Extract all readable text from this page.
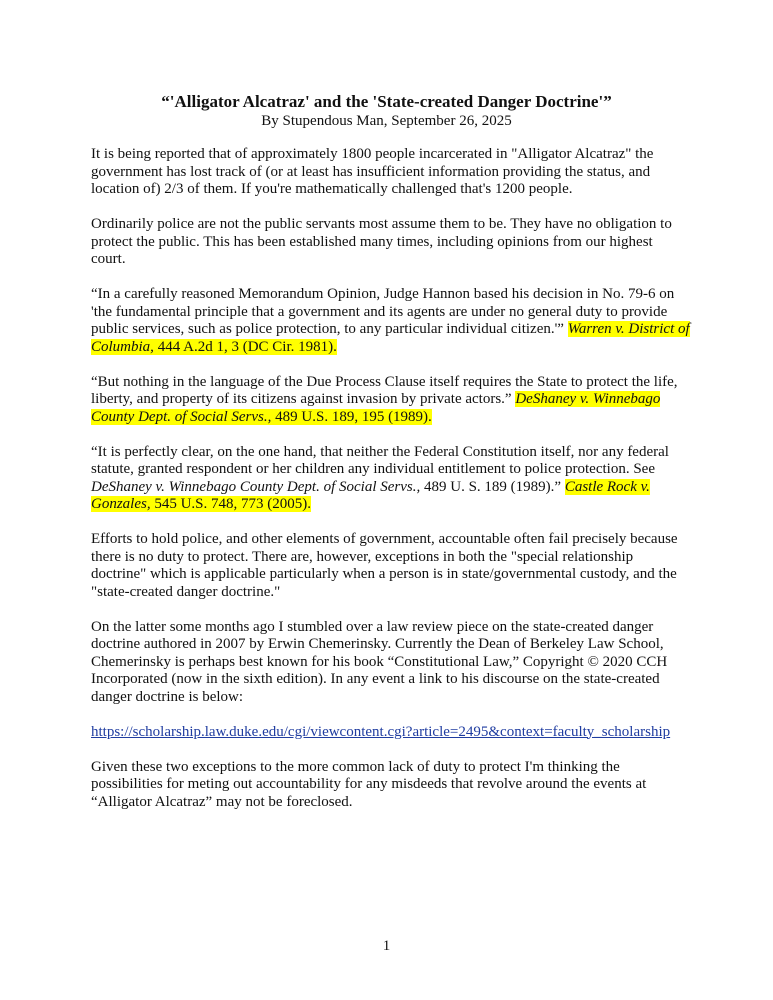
“'Alligator Alcatraz' and the 'State-created Danger Doctrine'”

By Stupendous Man, September 26, 2025

It is being reported that of approximately 1800 people incarcerated in "Alligator Alcatraz" the government has lost track of (or at least has insufficient information providing the status, and location of) 2/3 of them. If you're mathematically challenged that's 1200 people.

Ordinarily police are not the public servants most assume them to be. They have no obligation to protect the public. This has been established many times, including opinions from our highest court.

“In a carefully reasoned Memorandum Opinion, Judge Hannon based his decision in No. 79-6 on 'the fundamental principle that a government and its agents are under no general duty to provide public services, such as police protection, to any particular individual citizen.'” Warren v. District of Columbia, 444 A.2d 1, 3 (DC Cir. 1981).

“But nothing in the language of the Due Process Clause itself requires the State to protect the life, liberty, and property of its citizens against invasion by private actors.” DeShaney v. Winnebago County Dept. of Social Servs., 489 U.S. 189, 195 (1989).

“It is perfectly clear, on the one hand, that neither the Federal Constitution itself, nor any federal statute, granted respondent or her children any individual entitlement to police protection. See DeShaney v. Winnebago County Dept. of Social Servs., 489 U. S. 189 (1989).” Castle Rock v. Gonzales, 545 U.S. 748, 773 (2005).

Efforts to hold police, and other elements of government, accountable often fail precisely because there is no duty to protect. There are, however, exceptions in both the "special relationship doctrine" which is applicable particularly when a person is in state/governmental custody, and the "state-created danger doctrine."

On the latter some months ago I stumbled over a law review piece on the state-created danger doctrine authored in 2007 by Erwin Chemerinsky. Currently the Dean of Berkeley Law School, Chemerinsky is perhaps best known for his book “Constitutional Law,” Copyright © 2020 CCH Incorporated (now in the sixth edition). In any event a link to his discourse on the state-created danger doctrine is below:

https://scholarship.law.duke.edu/cgi/viewcontent.cgi?article=2495&context=faculty_scholarship

Given these two exceptions to the more common lack of duty to protect I'm thinking the possibilities for meting out accountability for any misdeeds that revolve around the events at “Alligator Alcatraz” may not be foreclosed.

1
